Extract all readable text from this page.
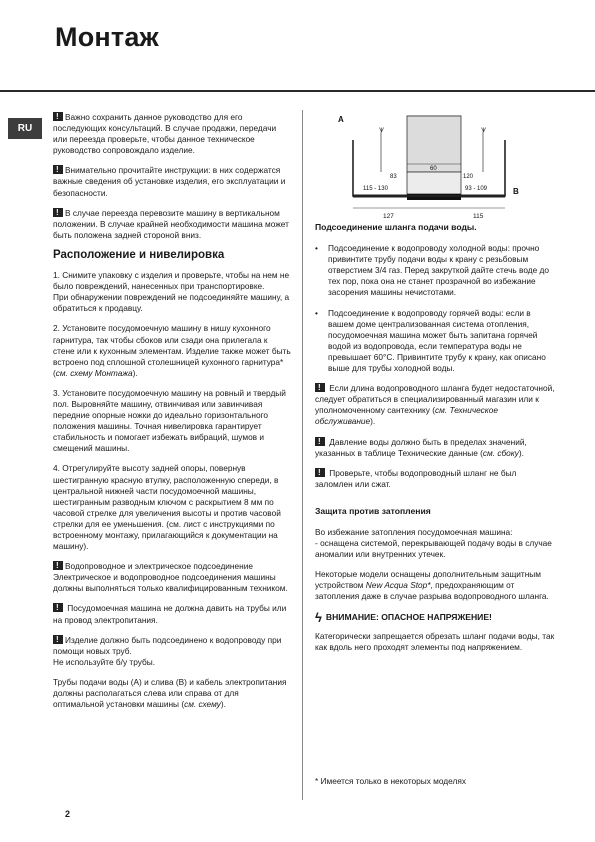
Монтаж
RU

!Важно сохранить данное руководство для его последующих консультаций. В случае продажи, передачи или переезда проверьте, чтобы данное техническое руководство сопровождало изделие.

!Внимательно прочитайте инструкции: в них содержатся важные сведения об установке изделия, его эксплуатации и безопасности.

!В случае переезда перевозите машину в вертикальном положении. В случае крайней необходимости машина может быть положена задней стороной вниз.

Расположение и нивелировка

1. Снимите упаковку с изделия и проверьте, чтобы на нем не было повреждений, нанесенных при транспортировке.
При обнаружении повреждений не подсоединяйте машину, а обратиться к продавцу.

2. Установите посудомоечную машину в нишу кухонного гарнитура, так чтобы сбоков или сзади она прилегала к стене или к кухонным элементам. Изделие также может быть встроено под сплошной столешницей кухонного гарнитура* (см. схему Монтажа).

3. Установите посудомоечную машину на ровный и твердый пол. Выровняйте машину, отвинчивая или завинчивая передние опорные ножки до идеально горизонтального положения машины. Точная нивелировка гарантирует стабильность и помогает избежать вибраций, шумов и смещений машины.

4. Отрегулируйте высоту задней опоры, повернув шестигранную красную втулку, расположенную спереди, в центральной нижней части посудомоечной машины, шестигранным разводным ключом с раскрытием 8 мм по часовой стрелке для увеличения высоты и против часовой стрелки для ее уменьшения. (см. лист с инструкциями по встроенному монтажу, прилагающийся к документации на машину).

!Водопроводное и электрическое подсоединение
Электрическое и водопроводное подсоединения машины должны выполняться только квалифицированным техником.

! Посудомоечная машина не должна давить на трубы или на провод электропитания.

!Изделие должно быть подсоединено к водопроводу при помощи новых труб.
Не используйте б/у трубы.

Трубы подачи воды (А) и слива (В) и кабель электропитания должны располагаться слева или справа от для оптимальной установки машины (см. схему).

⩛	⩛
A
B
60
83	120
115 - 130	93 - 109
127	115
Подсоединение шланга подачи воды.
• Подсоединение к водопроводу холодной воды: прочно привинтите трубу подачи воды к крану с резьбовым отверстием 3/4 газ. Перед закруткой дайте стечь воде до тех пор, пока она не станет прозрачной во избежание засорения машины нечистотами.
• Подсоединение к водопроводу горячей воды: если в вашем доме централизованная система отопления, посудомоечная машина может быть запитана горячей водой из водопровода, если температура воды не превышает 60°С. Привинтите трубу к крану, как описано выше для трубы холодной воды.

! Если длина водопроводного шланга будет недостаточной, следует обратиться в специализированный магазин или к уполномоченному сантехнику (см. Техническое обслуживание).

! Давление воды должно быть в пределах значений, указанных в таблице Технические данные (см. сбоку).

! Проверьте, чтобы водопроводный шланг не был заломлен или сжат.

Защита против затопления

Во избежание затопления посудомоечная машина:
- оснащена системой, перекрывающей подачу воды в случае аномалии или внутренних утечек.

Некоторые модели оснащены дополнительным защитным устройством New Acqua Stop*, предохраняющим от затопления даже в случае разрыва водопроводного шланга.

ϟВНИМАНИЕ: ОПАСНОЕ НАПРЯЖЕНИЕ!

Категорически запрещается обрезать шланг подачи воды, так как вдоль него проходят элементы под напряжением.

* Имеется только в некоторых моделях
2
